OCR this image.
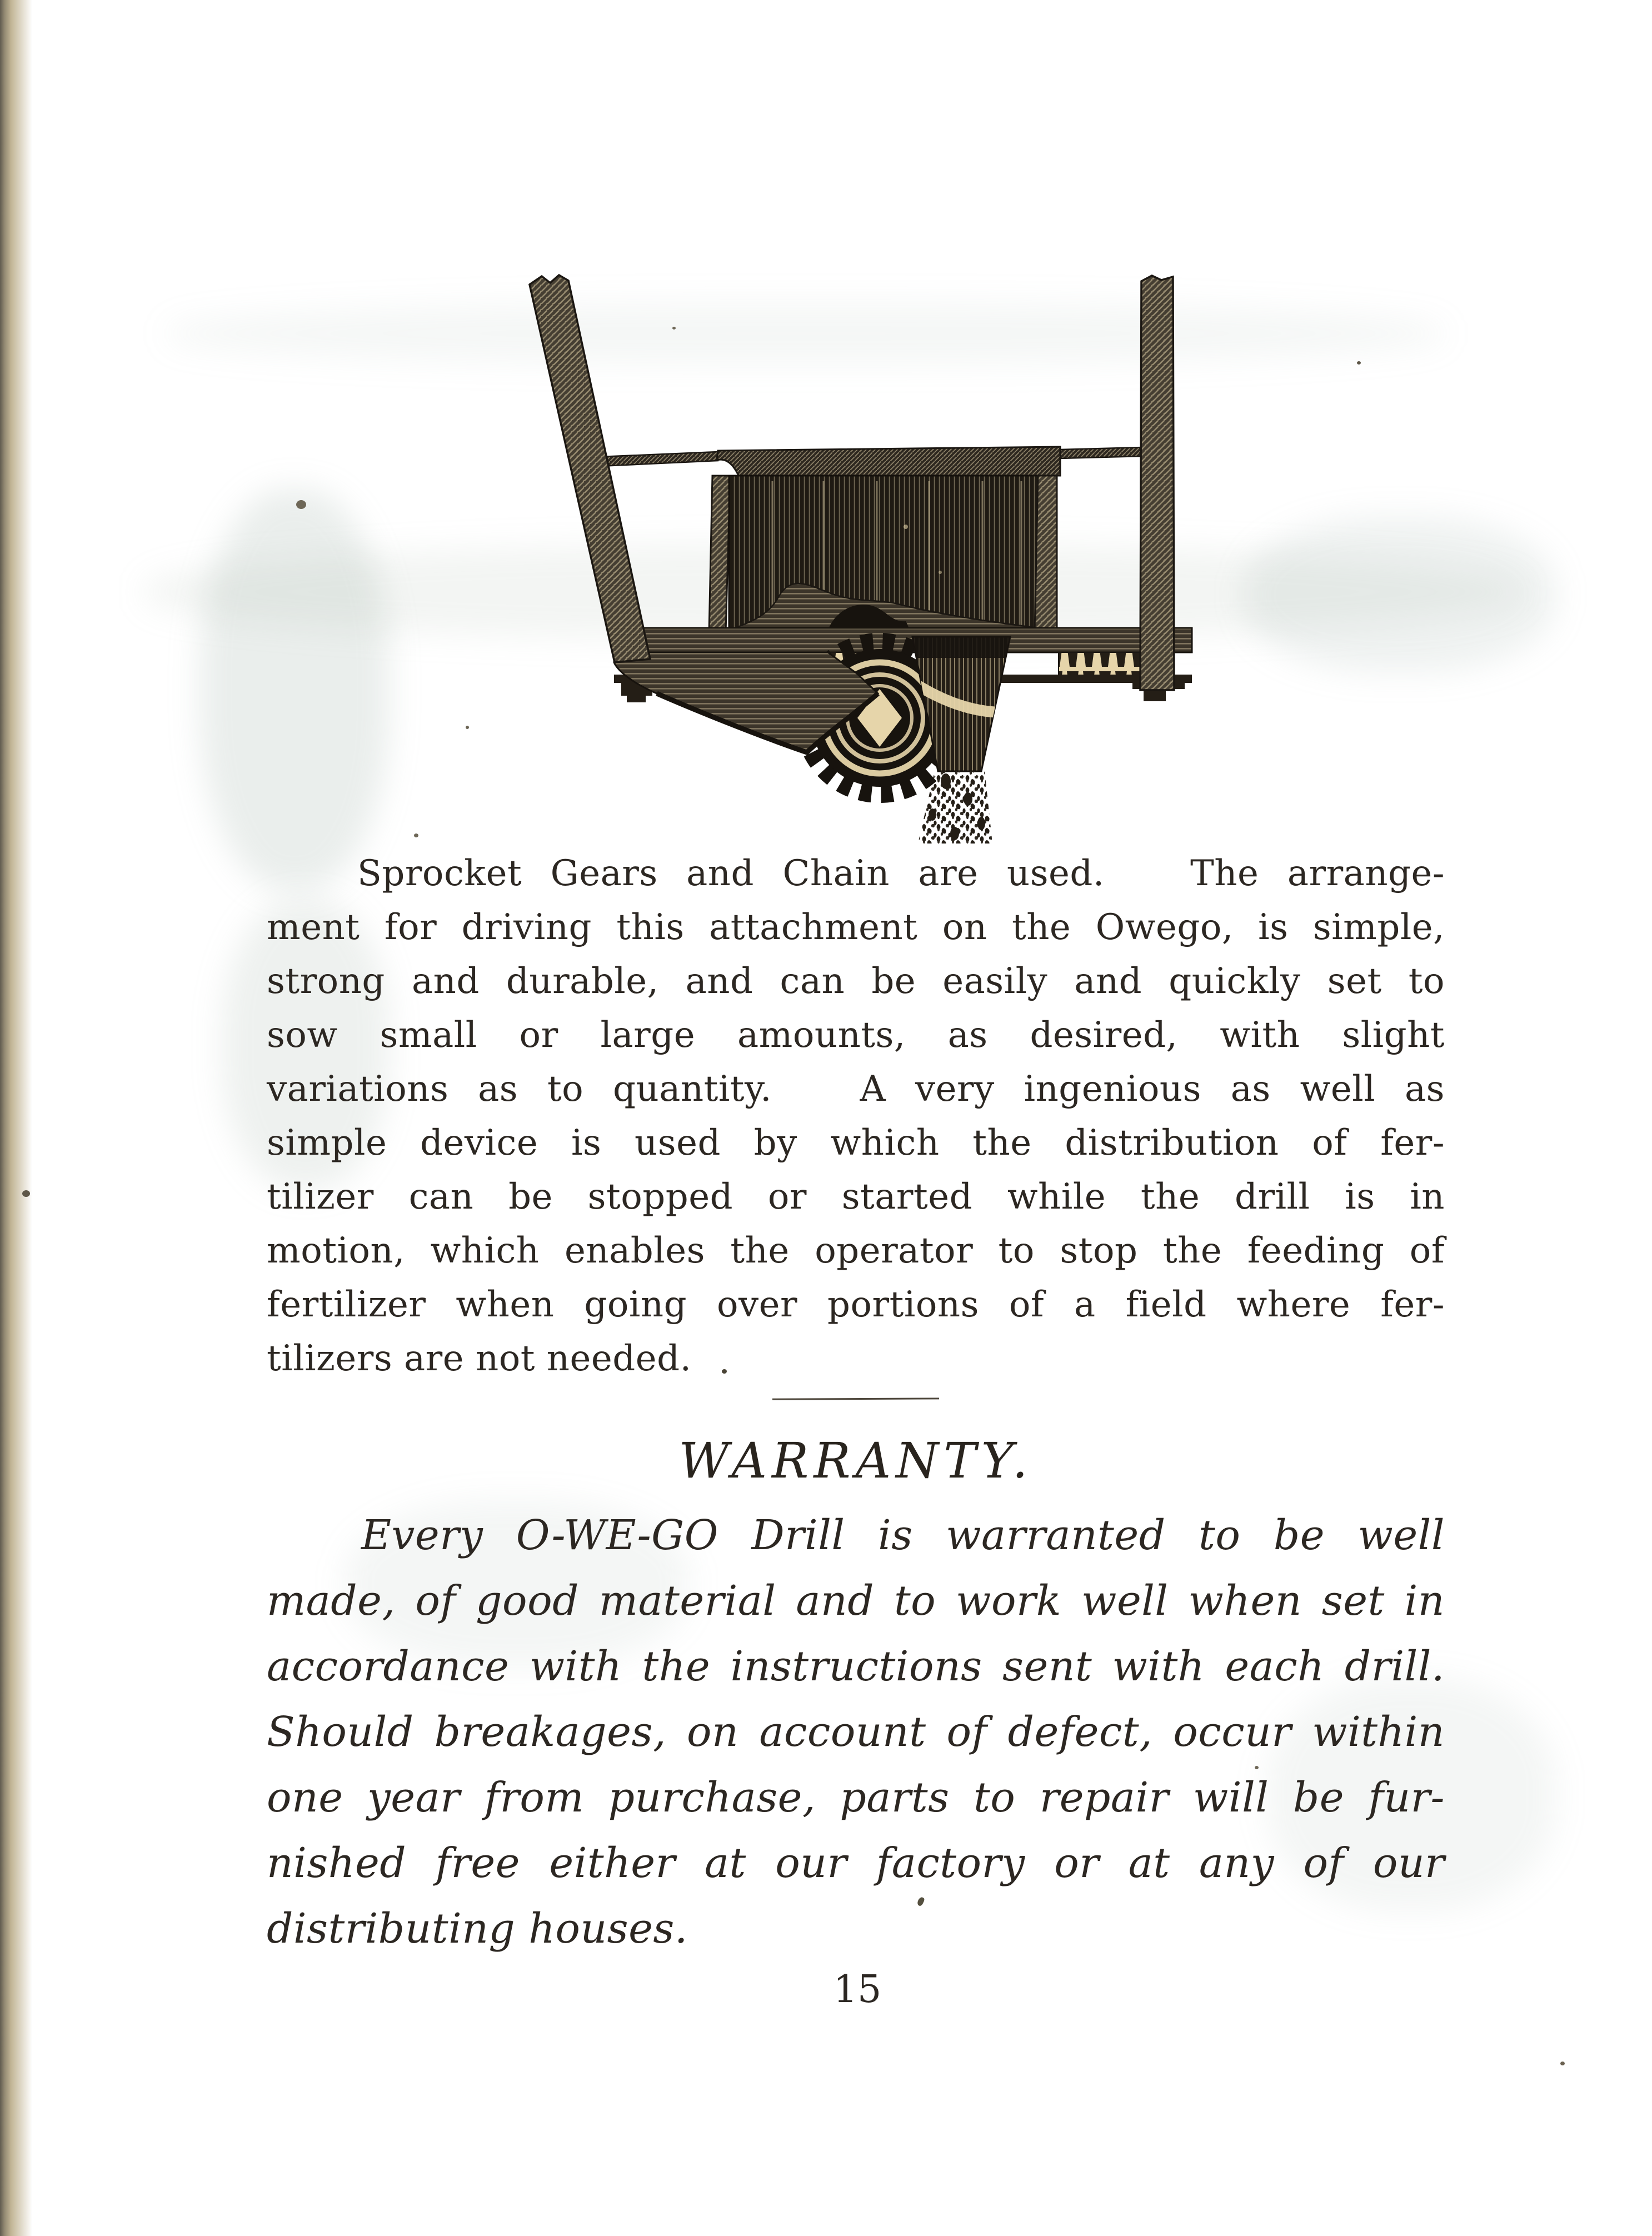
Sprocket Gears and Chain are used.   The arrange-
ment for driving this attachment on the Owego, is simple,
strong and durable, and can be easily and quickly set to
sow small or large amounts, as desired, with slight
variations as to quantity.   A very ingenious as well as
simple device is used by which the distribution of fer-
tilizer can be stopped or started while the drill is in
motion, which enables the operator to stop the feeding of
fertilizer when going over portions of a field where fer-
tilizers are not needed.
WARRANTY.
Every O-WE-GO Drill is warranted to be well
made, of good material and to work well when set in
accordance with the instructions sent with each drill.
Should breakages, on account of defect, occur within
one year from purchase, parts to repair will be fur-
nished free either at our factory or at any of our
distributing houses.
15
